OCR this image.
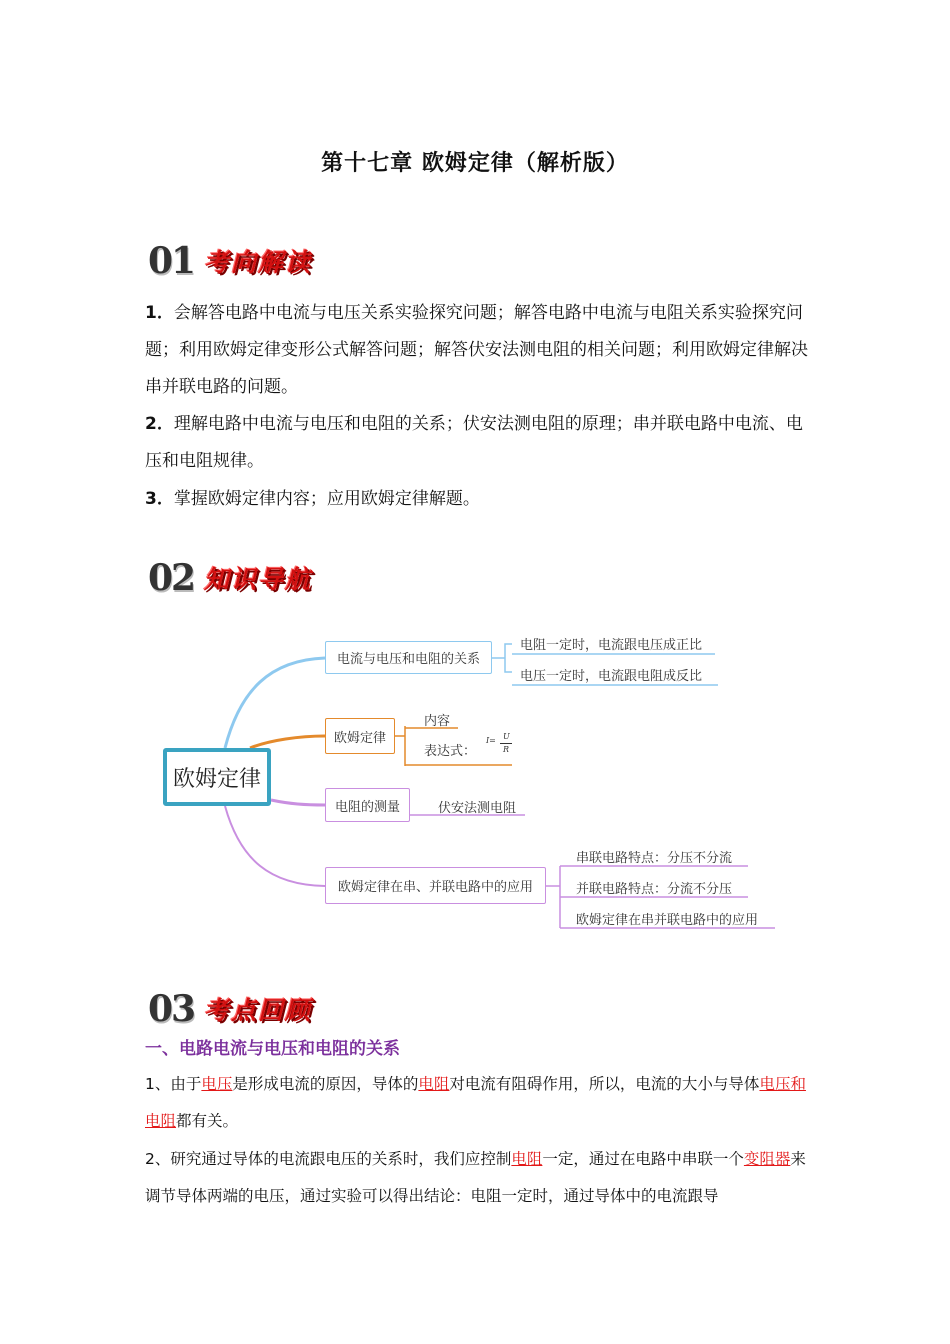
第十七章 欧姆定律（解析版）
01 考向解读
1．会解答电路中电流与电压关系实验探究问题；解答电路中电流与电阻关系实验探究问题；利用欧姆定律变形公式解答问题；解答伏安法测电阻的相关问题；利用欧姆定律解决串并联电路的问题。
2．理解电路中电流与电压和电阻的关系；伏安法测电阻的原理；串并联电路中电流、电压和电阻规律。
3．掌握欧姆定律内容；应用欧姆定律解题。
02 知识导航
欧姆定律
电流与电压和电阻的关系
电阻一定时，电流跟电压成正比
电压一定时，电流跟电阻成反比
欧姆定律
内容
表达式：
I= U
R
电阻的测量	伏安法测电阻
欧姆定律在串、并联电路中的应用
串联电路特点：分压不分流
并联电路特点：分流不分压
欧姆定律在串并联电路中的应用
03 考点回顾
一、电路电流与电压和电阻的关系
1、由于电压是形成电流的原因，导体的电阻对电流有阻碍作用，所以，电流的大小与导体电压和电阻都有关。
2、研究通过导体的电流跟电压的关系时，我们应控制电阻一定，通过在电路中串联一个变阻器来调节导体两端的电压，通过实验可以得出结论：电阻一定时，通过导体中的电流跟导
